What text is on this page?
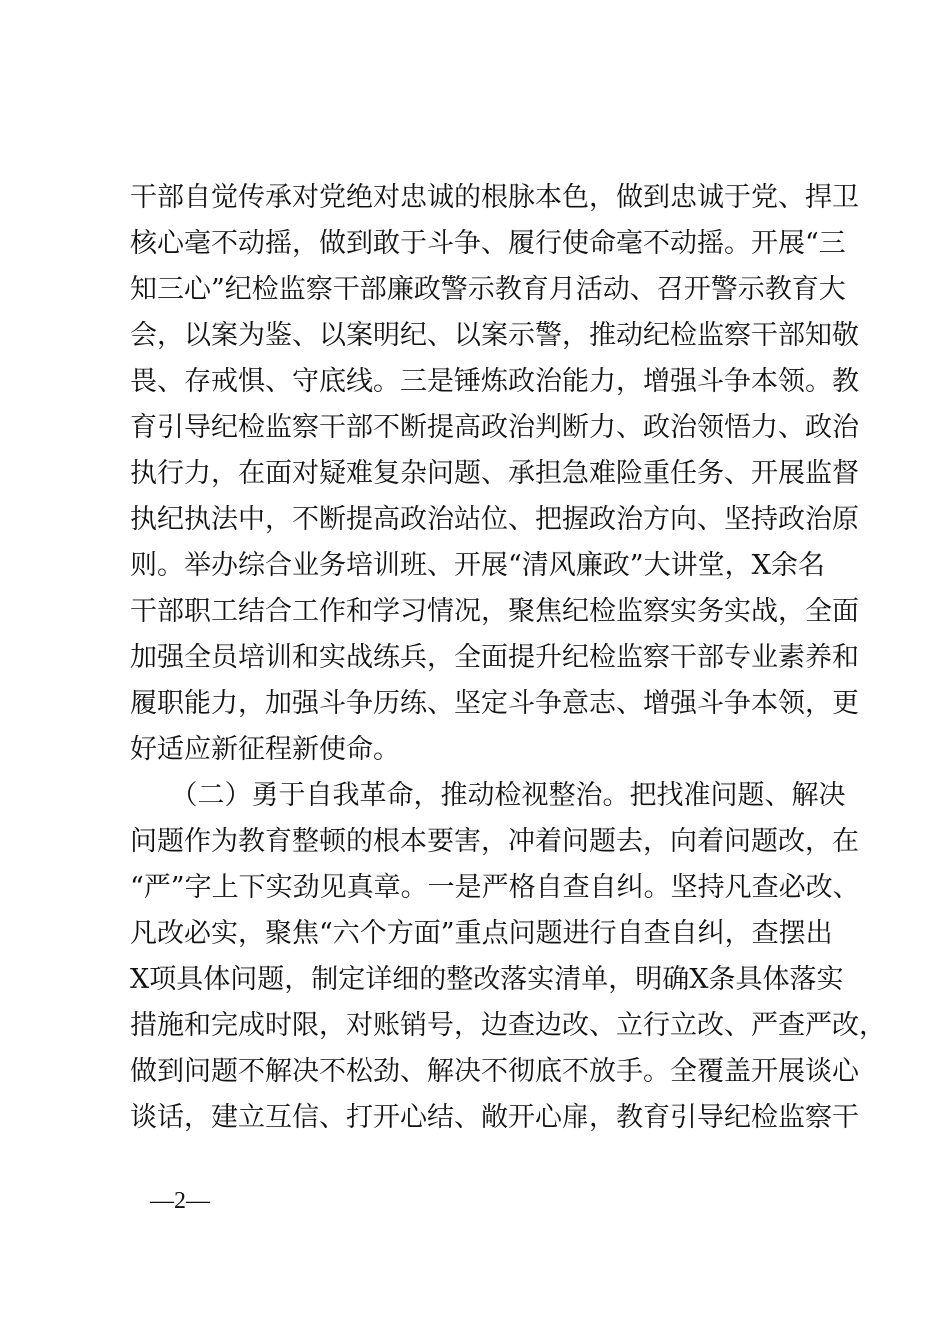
干部自觉传承对党绝对忠诚的根脉本色，做到忠诚于党、捍卫
核心毫不动摇，做到敢于斗争、履行使命毫不动摇。开展“三
知三心”纪检监察干部廉政警示教育月活动、召开警示教育大
会，以案为鉴、以案明纪、以案示警，推动纪检监察干部知敬
畏、存戒惧、守底线。三是锤炼政治能力，增强斗争本领。教
育引导纪检监察干部不断提高政治判断力、政治领悟力、政治
执行力，在面对疑难复杂问题、承担急难险重任务、开展监督
执纪执法中，不断提高政治站位、把握政治方向、坚持政治原
则。举办综合业务培训班、开展“清风廉政”大讲堂，X余名
干部职工结合工作和学习情况，聚焦纪检监察实务实战，全面
加强全员培训和实战练兵，全面提升纪检监察干部专业素养和
履职能力，加强斗争历练、坚定斗争意志、增强斗争本领，更
好适应新征程新使命。
　　（二）勇于自我革命，推动检视整治。把找准问题、解决
问题作为教育整顿的根本要害，冲着问题去，向着问题改，在
“严”字上下实劲见真章。一是严格自查自纠。坚持凡查必改、
凡改必实，聚焦“六个方面”重点问题进行自查自纠，查摆出
X项具体问题，制定详细的整改落实清单，明确X条具体落实
措施和完成时限，对账销号，边查边改、立行立改、严查严改，
做到问题不解决不松劲、解决不彻底不放手。全覆盖开展谈心
谈话，建立互信、打开心结、敞开心扉，教育引导纪检监察干
—2—
